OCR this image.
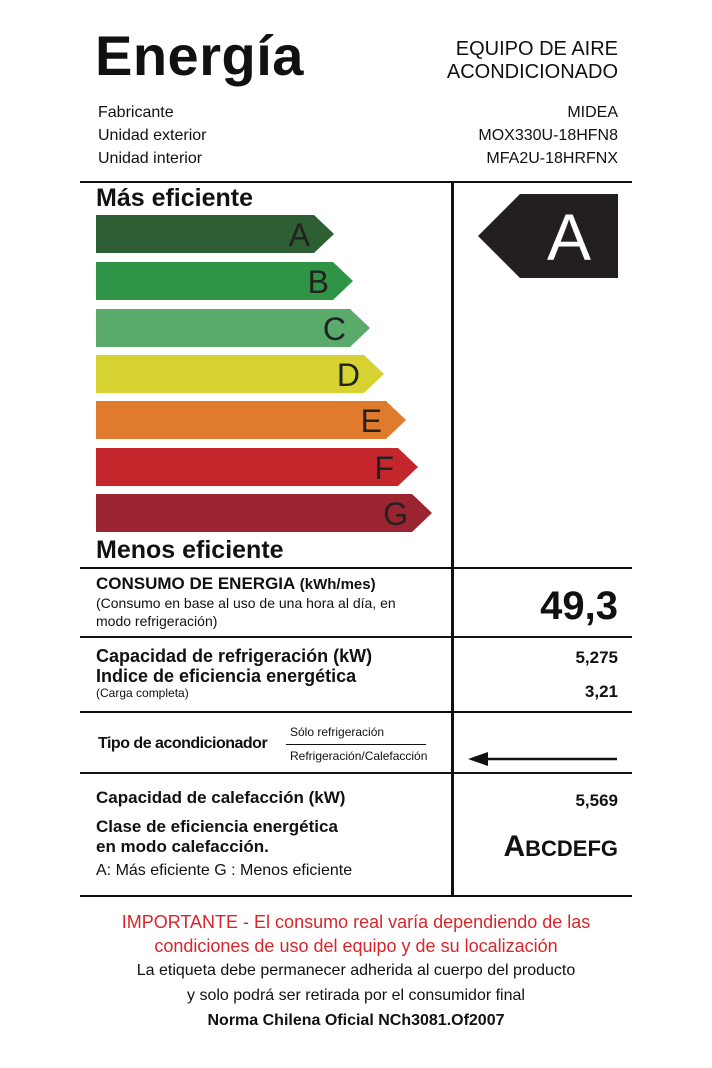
Energía	EQUIPO DE AIRE
ACONDICIONADO
Fabricante	MIDEA
Unidad exterior	MOX330U-18HFN8
Unidad interior	MFA2U-18HRFNX
Más eficiente
A
B
C
D
E
F
G
Menos eficiente
A
CONSUMO DE ENERGIA (kWh/mes)
(Consumo en base al uso de una hora al día, en
modo refrigeración)	49,3
Capacidad de refrigeración (kW)	5,275
Indice de eficiencia energética
(Carga completa)	3,21
Tipo de acondicionador
Sólo refrigeración
Refrigeración/Calefacción
Capacidad de calefacción (kW)	5,569
Clase de eficiencia energética
en modo calefacción.	ABCDEFG
A: Más eficiente G : Menos eficiente
IMPORTANTE - El consumo real varía dependiendo de las
condiciones de uso del equipo y de su localización
La etiqueta debe permanecer adherida al cuerpo del producto
y solo podrá ser retirada por el consumidor final
Norma Chilena Oficial NCh3081.Of2007
